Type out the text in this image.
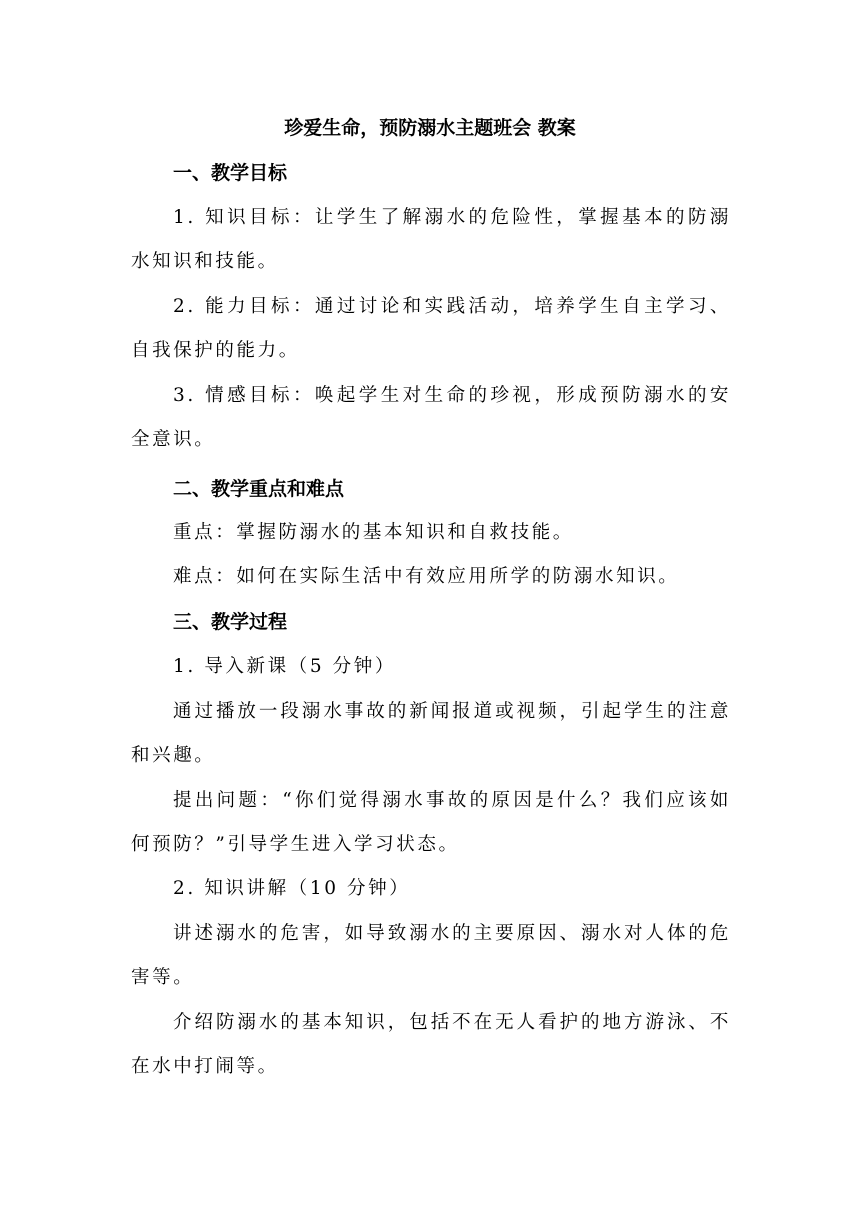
珍爱生命，预防溺水主题班会 教案
一、教学目标

1. 知识目标：让学生了解溺水的危险性，掌握基本的防溺水知识和技能。

2. 能力目标：通过讨论和实践活动，培养学生自主学习、自我保护的能力。

3. 情感目标：唤起学生对生命的珍视，形成预防溺水的安全意识。

二、教学重点和难点
重点：掌握防溺水的基本知识和自救技能。
难点：如何在实际生活中有效应用所学的防溺水知识。
三、教学过程
1. 导入新课（5 分钟）

通过播放一段溺水事故的新闻报道或视频，引起学生的注意和兴趣。

提出问题：“你们觉得溺水事故的原因是什么？我们应该如何预防？”引导学生进入学习状态。

2. 知识讲解（10 分钟）

讲述溺水的危害，如导致溺水的主要原因、溺水对人体的危害等。

介绍防溺水的基本知识，包括不在无人看护的地方游泳、不在水中打闹等。
